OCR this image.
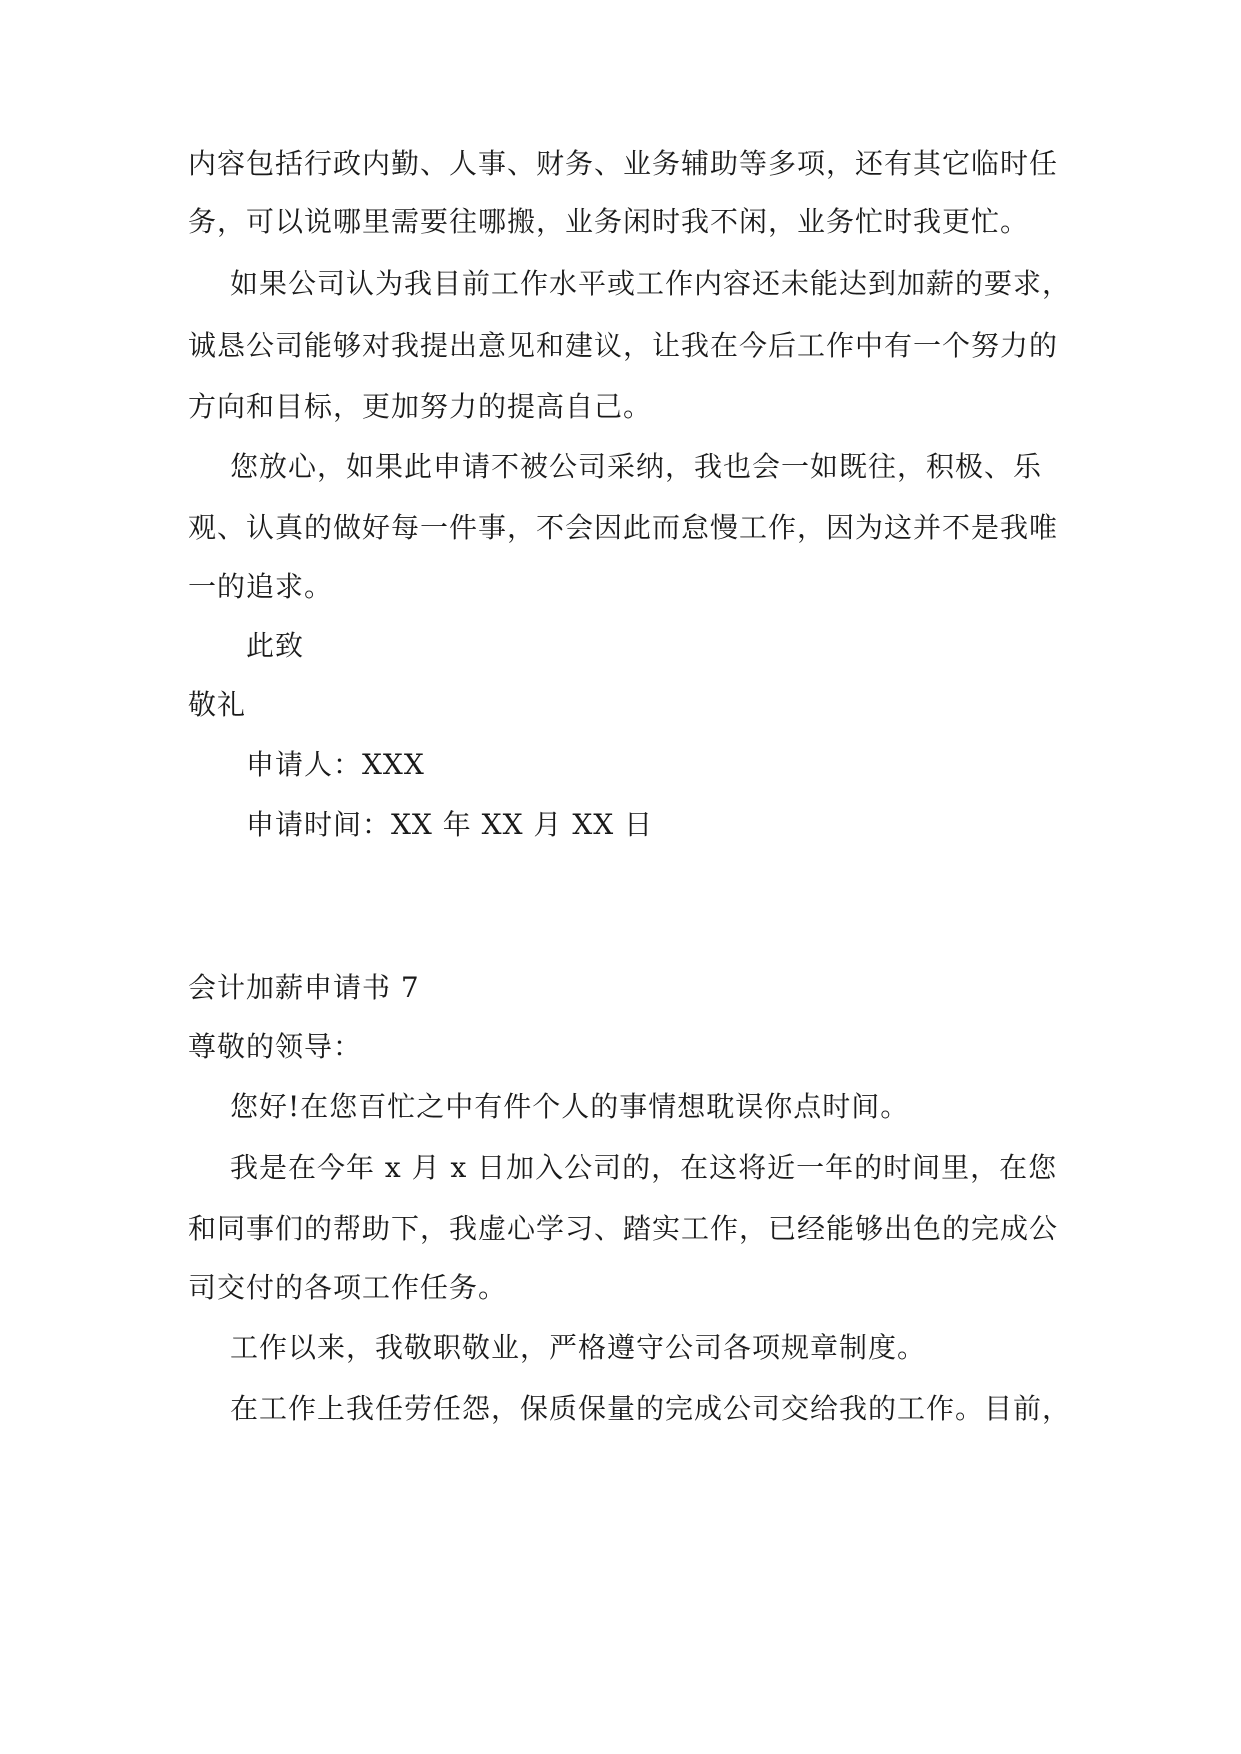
内容包括行政内勤、人事、财务、业务辅助等多项，还有其它临时任
务，可以说哪里需要往哪搬，业务闲时我不闲，业务忙时我更忙。
如果公司认为我目前工作水平或工作内容还未能达到加薪的要求，
诚恳公司能够对我提出意见和建议，让我在今后工作中有一个努力的
方向和目标，更加努力的提高自己。
您放心，如果此申请不被公司采纳，我也会一如既往，积极、乐
观、认真的做好每一件事，不会因此而怠慢工作，因为这并不是我唯
一的追求。
此致
敬礼
申请人：XXX
申请时间：XX 年 XX 月 XX 日
会计加薪申请书 7
尊敬的领导：
您好!在您百忙之中有件个人的事情想耽误你点时间。
我是在今年 x 月 x 日加入公司的，在这将近一年的时间里，在您
和同事们的帮助下，我虚心学习、踏实工作，已经能够出色的完成公
司交付的各项工作任务。
工作以来，我敬职敬业，严格遵守公司各项规章制度。
在工作上我任劳任怨，保质保量的完成公司交给我的工作。目前，
